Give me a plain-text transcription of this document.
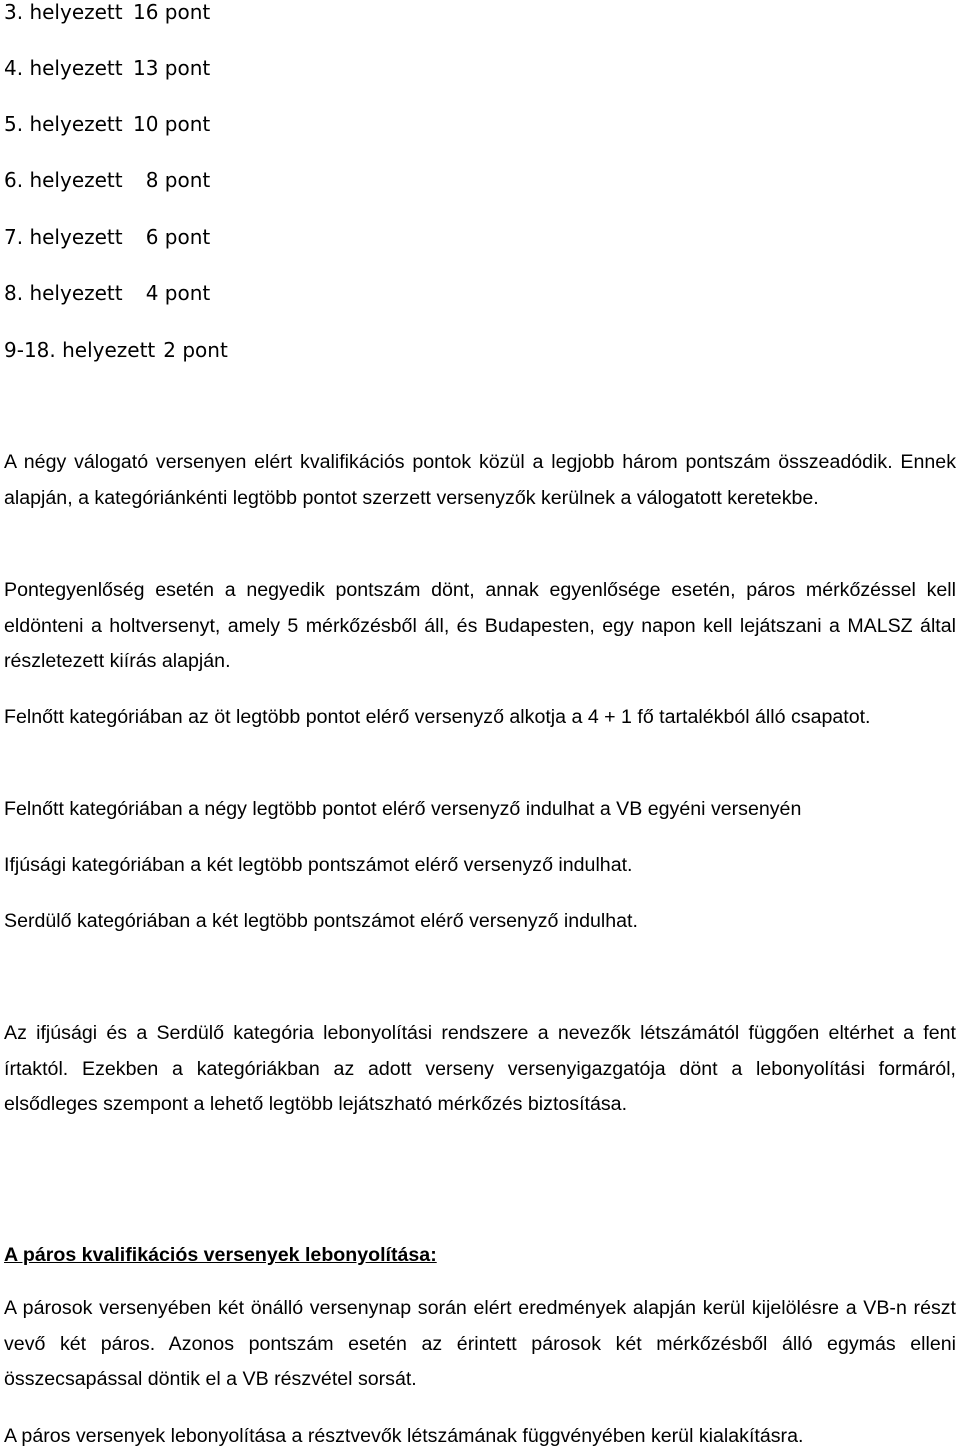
3. helyezett 16 pont
4. helyezett 13 pont
5. helyezett 10 pont
6. helyezett  8 pont
7. helyezett  6 pont
8. helyezett  4 pont
9-18. helyezett 2 pont

A négy válogató versenyen elért kvalifikációs pontok közül a legjobb három pontszám összeadódik. Ennek alapján, a kategóriánkénti legtöbb pontot szerzett versenyzők kerülnek a válogatott keretekbe.

Pontegyenlőség esetén a negyedik pontszám dönt, annak egyenlősége esetén, páros mérkőzéssel kell eldönteni a holtversenyt, amely 5 mérkőzésből áll, és Budapesten, egy napon kell lejátszani a MALSZ által részletezett kiírás alapján.

Felnőtt kategóriában az öt legtöbb pontot elérő versenyző alkotja a 4 + 1 fő tartalékból álló csapatot.

Felnőtt kategóriában a négy legtöbb pontot elérő versenyző indulhat a VB egyéni versenyén

Ifjúsági kategóriában a két legtöbb pontszámot elérő versenyző indulhat.

Serdülő kategóriában a két legtöbb pontszámot elérő versenyző indulhat.

Az ifjúsági és a Serdülő kategória lebonyolítási rendszere a nevezők létszámától függően eltérhet a fent írtaktól. Ezekben a kategóriákban az adott verseny versenyigazgatója dönt a lebonyolítási formáról, elsődleges szempont a lehető legtöbb lejátszható mérkőzés biztosítása.

A páros kvalifikációs versenyek lebonyolítása:

A párosok versenyében két önálló versenynap során elért eredmények alapján kerül kijelölésre a VB-n részt vevő két páros. Azonos pontszám esetén az érintett párosok két mérkőzésből álló egymás elleni összecsapással döntik el a VB részvétel sorsát.

A páros versenyek lebonyolítása a résztvevők létszámának függvényében kerül kialakításra.
